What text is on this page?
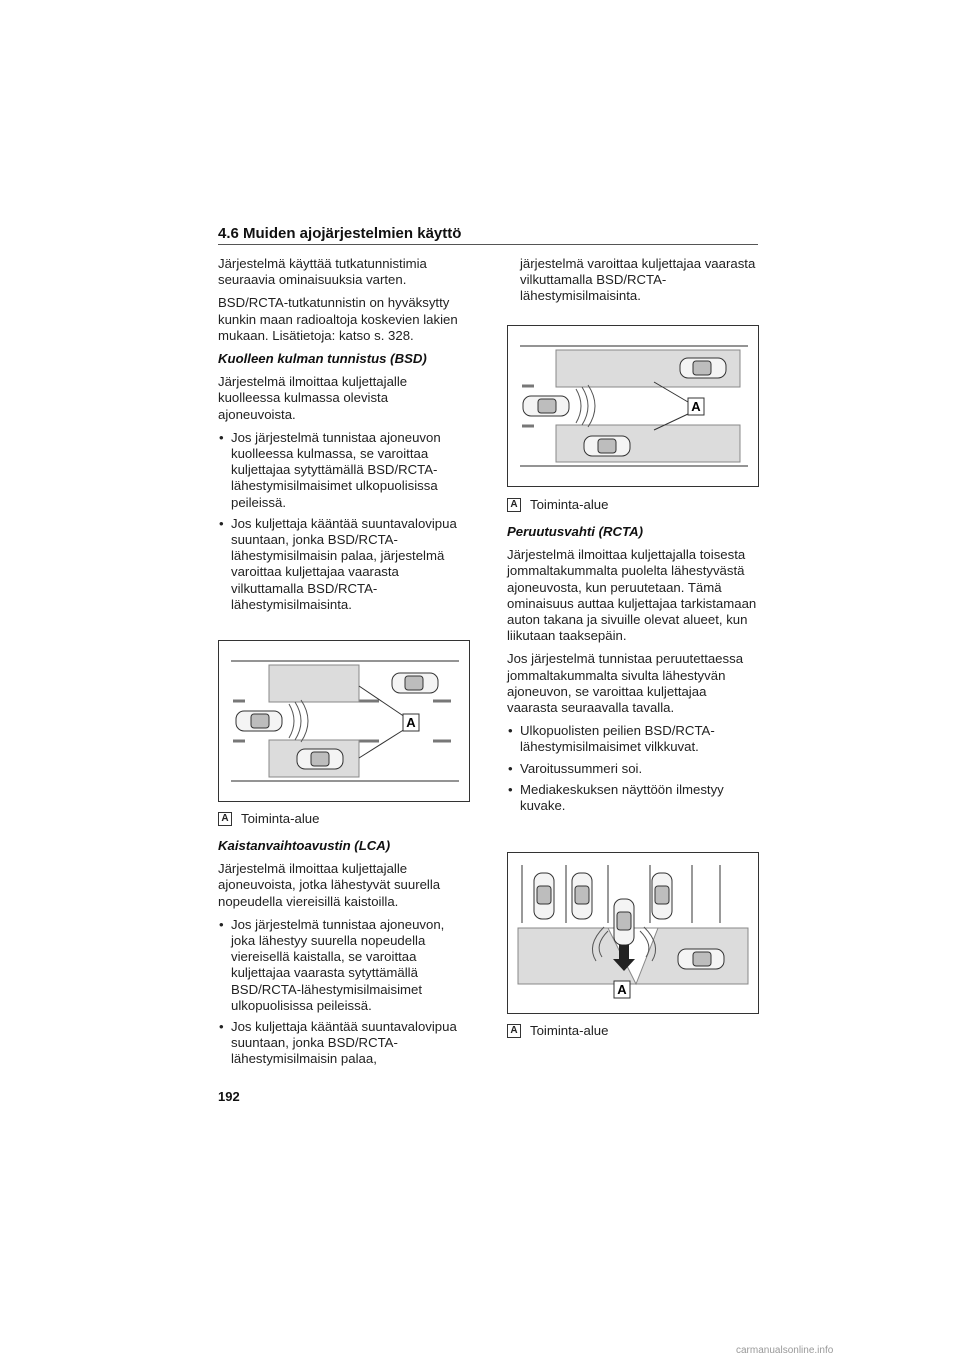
4.6 Muiden ajojärjestelmien käyttö

Järjestelmä käyttää tutkatunnistimia seuraavia ominaisuuksia varten.

BSD/RCTA-tutkatunnistin on hyväksytty kunkin maan radioaltoja koskevien lakien mukaan. Lisätietoja: katso s. 328.

Kuolleen kulman tunnistus (BSD)

Järjestelmä ilmoittaa kuljettajalle kuolleessa kulmassa olevista ajoneuvoista.

• Jos järjestelmä tunnistaa ajoneuvon kuolleessa kulmassa, se varoittaa kuljettajaa sytyttämällä BSD/RCTA-lähestymisilmaisimet ulkopuolisissa peileissä.
• Jos kuljettaja kääntää suuntavalovipua suuntaan, jonka BSD/RCTA-lähestymisilmaisin palaa, järjestelmä varoittaa kuljettajaa vaarasta vilkuttamalla BSD/RCTA-lähestymisilmaisinta.
A
A Toiminta-alue
Kaistanvaihtoavustin (LCA)

Järjestelmä ilmoittaa kuljettajalle ajoneuvoista, jotka lähestyvät suurella nopeudella viereisillä kaistoilla.

• Jos järjestelmä tunnistaa ajoneuvon, joka lähestyy suurella nopeudella viereisellä kaistalla, se varoittaa kuljettajaa vaarasta sytyttämällä BSD/RCTA-lähestymisilmaisimet ulkopuolisissa peileissä.
• Jos kuljettaja kääntää suuntavalovipua suuntaan, jonka BSD/RCTA-lähestymisilmaisin palaa,

järjestelmä varoittaa kuljettajaa vaarasta vilkuttamalla BSD/RCTA-lähestymisilmaisinta.

A
A Toiminta-alue
Peruutusvahti (RCTA)

Järjestelmä ilmoittaa kuljettajalla toisesta jommaltakummalta puolelta lähestyvästä ajoneuvosta, kun peruutetaan. Tämä ominaisuus auttaa kuljettajaa tarkistamaan auton takana ja sivuille olevat alueet, kun liikutaan taaksepäin.

Jos järjestelmä tunnistaa peruutettaessa jommaltakummalta sivulta lähestyvän ajoneuvon, se varoittaa kuljettajaa vaarasta seuraavalla tavalla.

• Ulkopuolisten peilien BSD/RCTA-lähestymisilmaisimet vilkkuvat.
• Varoitussummeri soi.
• Mediakeskuksen näyttöön ilmestyy kuvake.
A
A Toiminta-alue
192
carmanualsonline.info
